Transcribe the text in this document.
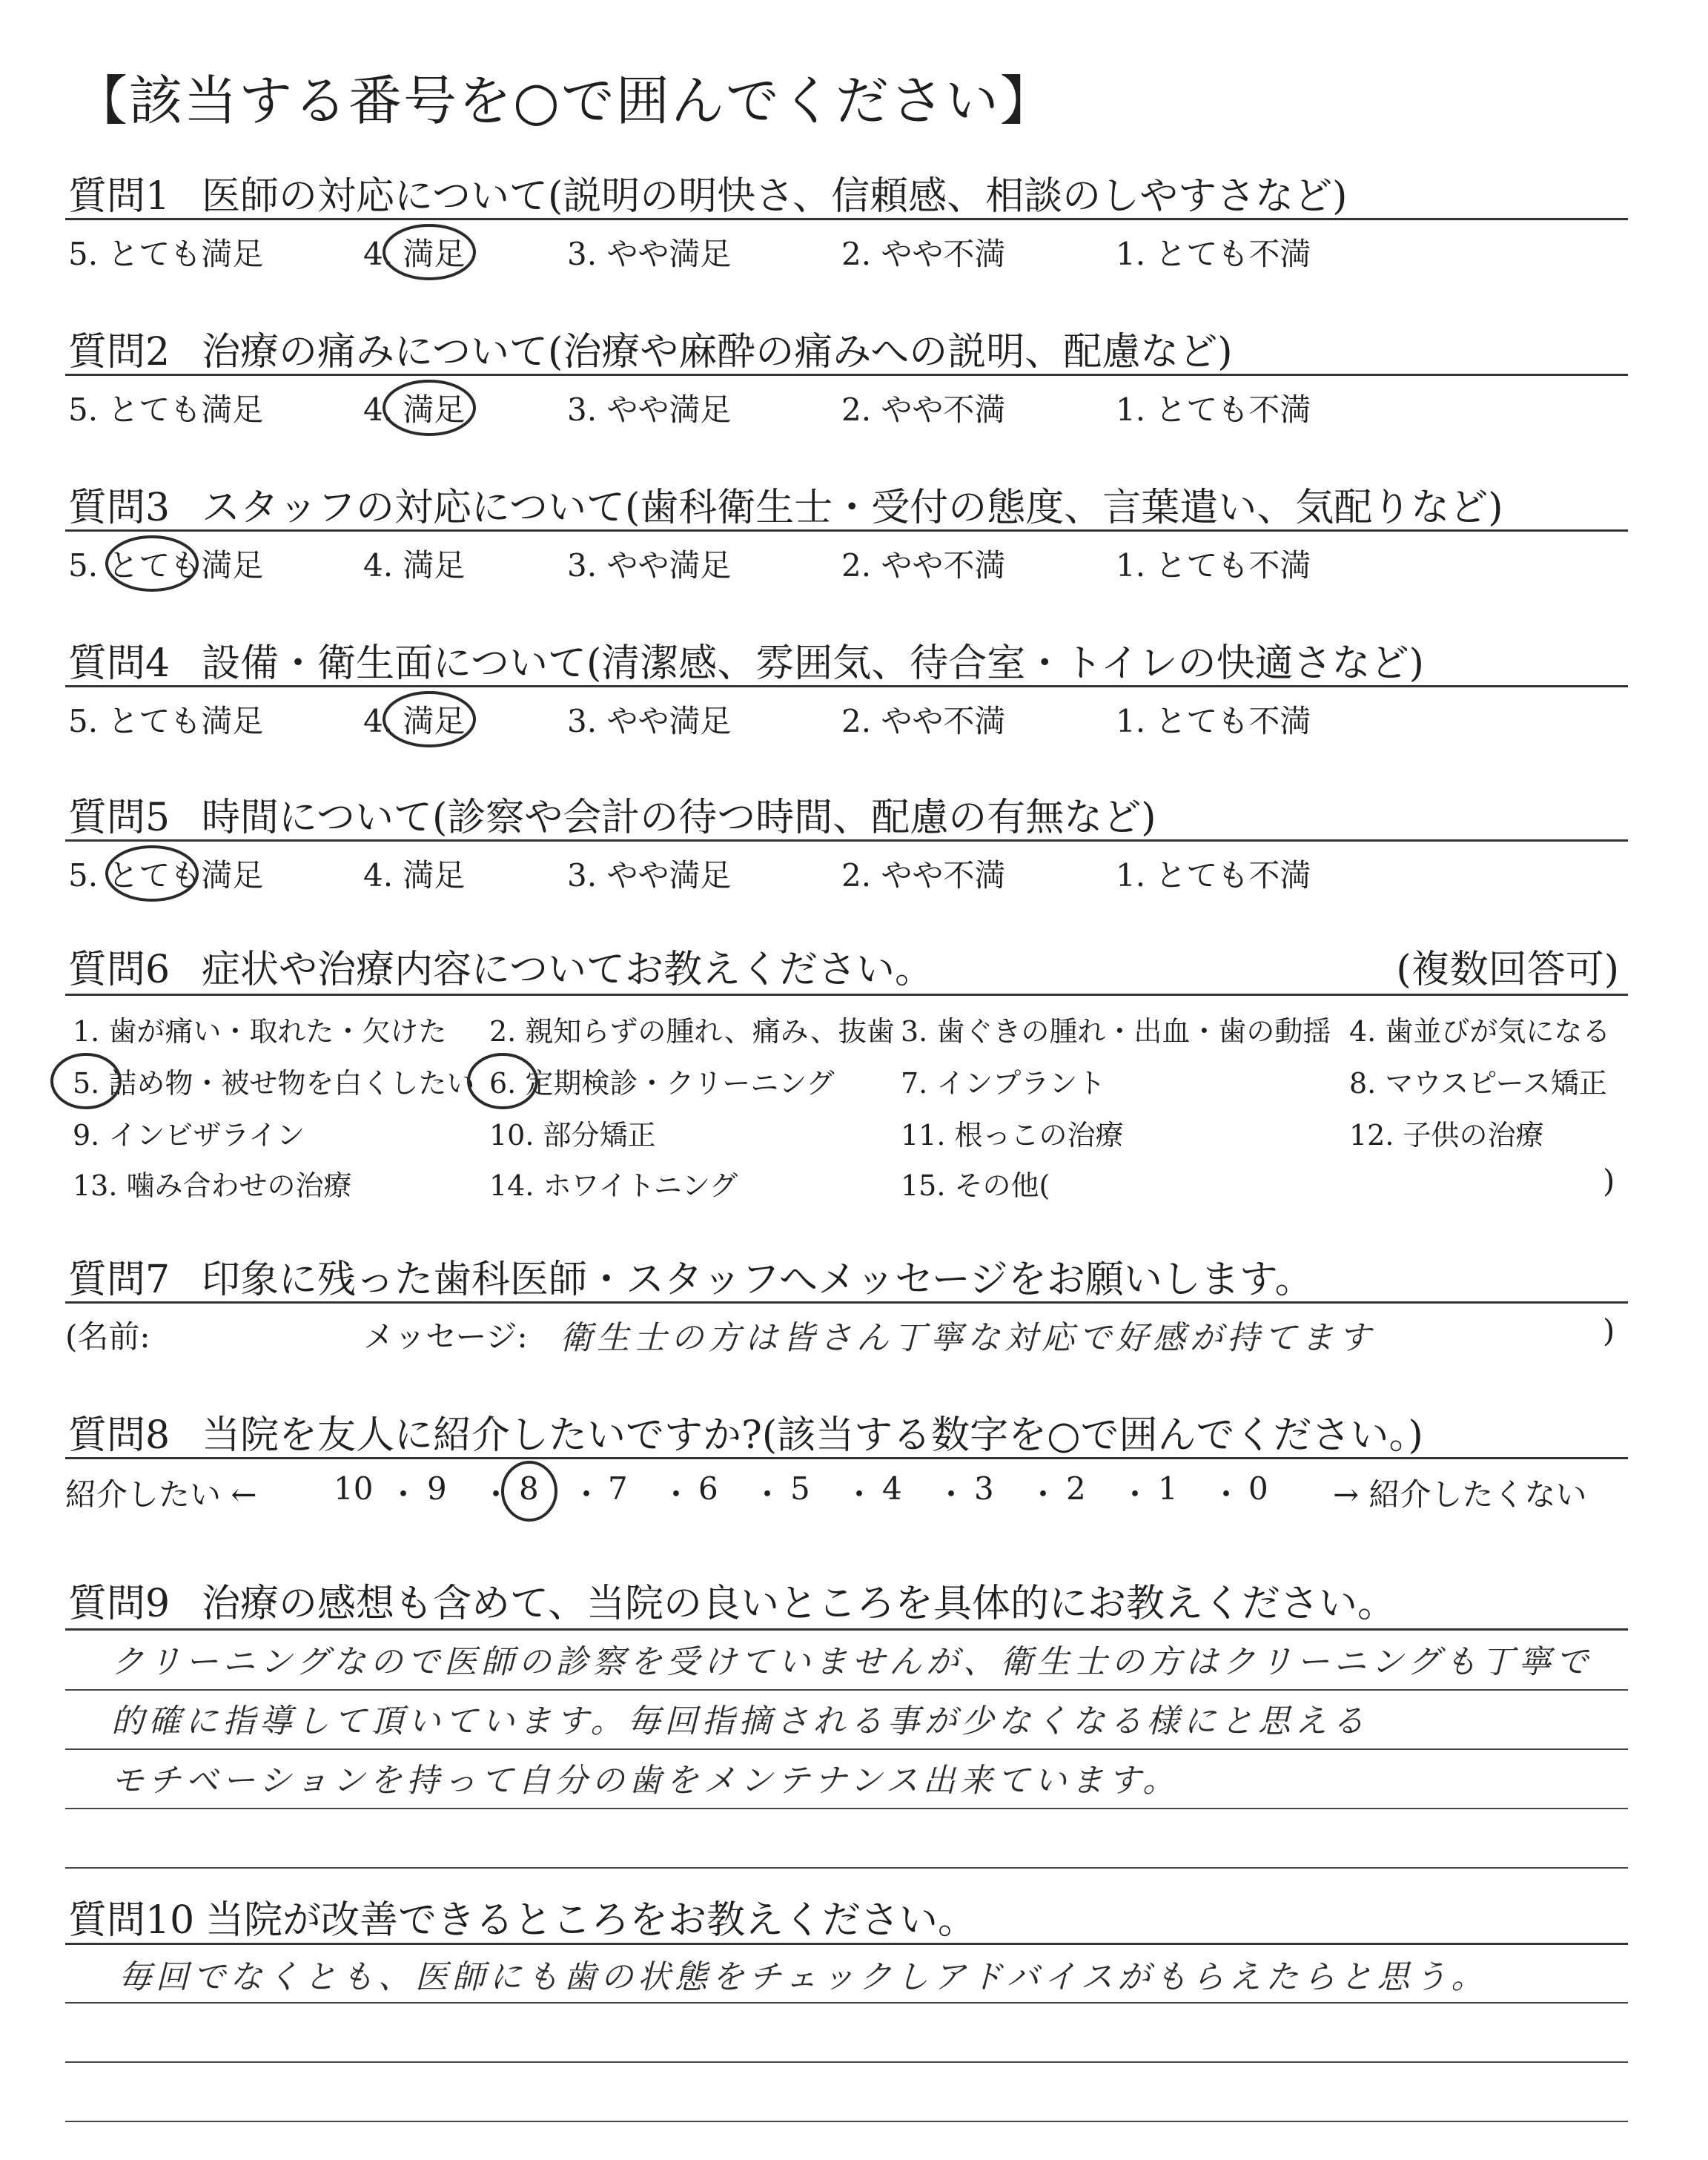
【該当する番号を○で囲んでください】
質問1 医師の対応について(説明の明快さ、信頼感、相談のしやすさなど)
5. とても満足	4. 満足	3. やや満足	2. やや不満	1. とても不満
質問2 治療の痛みについて(治療や麻酔の痛みへの説明、配慮など)
5. とても満足	4. 満足	3. やや満足	2. やや不満	1. とても不満
質問3 スタッフの対応について(歯科衛生士・受付の態度、言葉遣い、気配りなど)
5. とても満足	4. 満足	3. やや満足	2. やや不満	1. とても不満
質問4 設備・衛生面について(清潔感、雰囲気、待合室・トイレの快適さなど)
5. とても満足	4. 満足	3. やや満足	2. やや不満	1. とても不満
質問5 時間について(診察や会計の待つ時間、配慮の有無など)
5. とても満足	4. 満足	3. やや満足	2. やや不満	1. とても不満
質問6 症状や治療内容についてお教えください。	(複数回答可)
1. 歯が痛い・取れた・欠けた 2. 親知らずの腫れ、痛み、抜歯 3. 歯ぐきの腫れ・出血・歯の動揺 4. 歯並びが気になる
5. 詰め物・被せ物を白くしたい 6. 定期検診・クリーニング 7. インプラント	8. マウスピース矯正
9. インビザライン	10. 部分矯正	11. 根っこの治療	12. 子供の治療
13. 噛み合わせの治療	14. ホワイトニング	15. その他(	)
質問7 印象に残った歯科医師・スタッフへメッセージをお願いします。
(名前:	メッセージ: 衛生士の方は皆さん丁寧な対応で好感が持てます	)
質問8 当院を友人に紹介したいですか?(該当する数字を○で囲んでください。)
紹介したい ← 10 ・ 9 ・ 8 ・ 7 ・ 6 ・ 5 ・ 4 ・ 3 ・ 2 ・ 1 ・ 0 → 紹介したくない
質問9 治療の感想も含めて、当院の良いところを具体的にお教えください。
クリーニングなので医師の診察を受けていませんが、衛生士の方はクリーニングも丁寧で
的確に指導して頂いています。毎回指摘される事が少なくなる様にと思える
モチベーションを持って自分の歯をメンテナンス出来ています。
質問10 当院が改善できるところをお教えください。
毎回でなくとも、医師にも歯の状態をチェックしアドバイスがもらえたらと思う。
